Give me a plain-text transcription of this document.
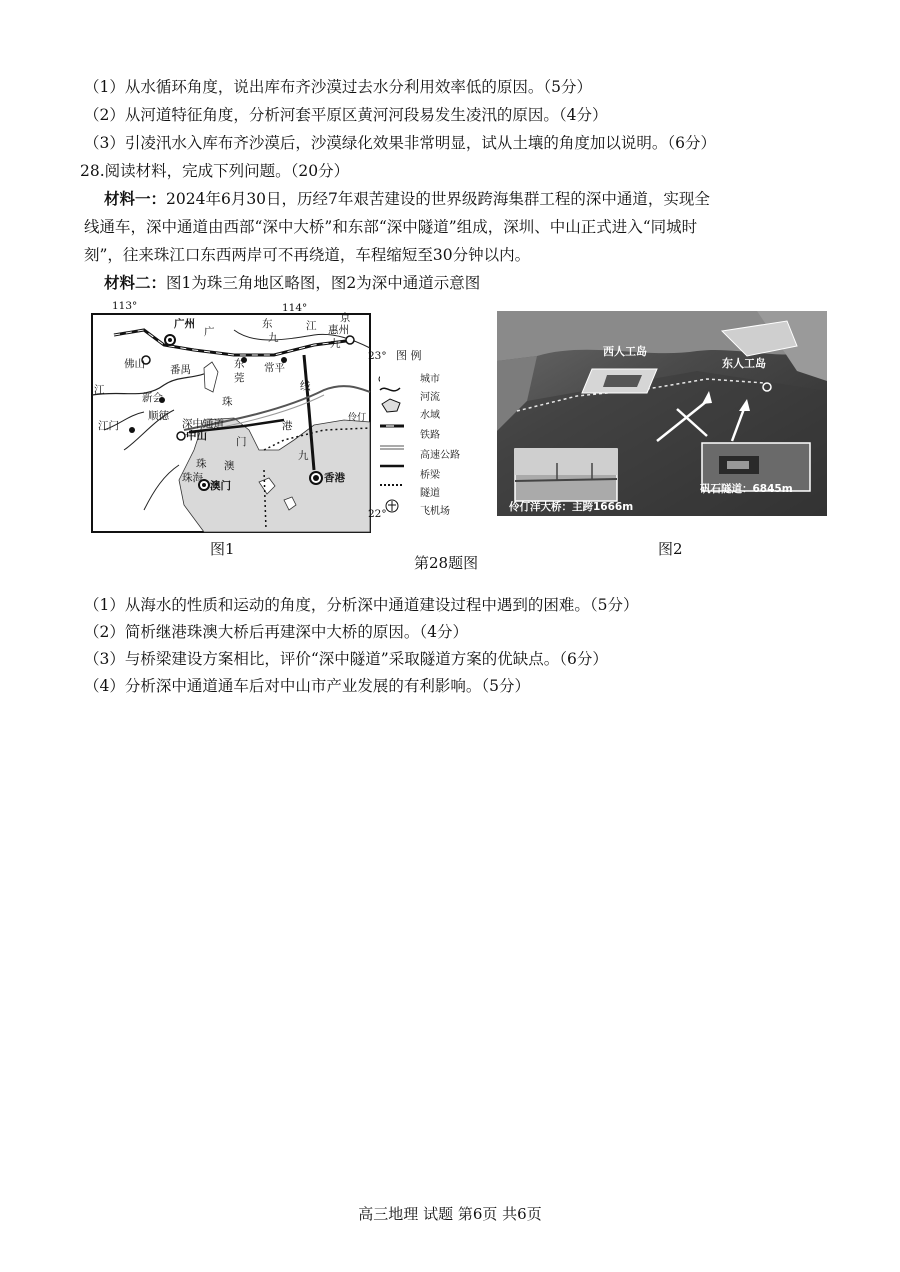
（1）从水循环角度，说出库布齐沙漠过去水分利用效率低的原因。（5分）
（2）从河道特征角度，分析河套平原区黄河河段易发生凌汛的原因。（4分）
（3）引凌汛水入库布齐沙漠后，沙漠绿化效果非常明显，试从土壤的角度加以说明。（6分）
28.阅读材料，完成下列问题。（20分）
材料一：2024年6月30日，历经7年艰苦建设的世界级跨海集群工程的深中通道，实现全
线通车，深中通道由西部“深中大桥”和东部“深中隧道”组成，深圳、中山正式进入“同城时
刻”，往来珠江口东西两岸可不再绕道，车程缩短至30分钟以内。
材料二：图1为珠三角地区略图，图2为深中通道示意图
113°	114°
23°
22°
广州
佛山 番禺	东
莞
常平
江门
中山
深中通道
珠海
澳门
香港
惠州
伶仃
九	九
广
东	江
珠
门
线
江
新会
顺德
京
九
港
珠 澳
图 例
城市
河流
水域
铁路
高速公路
桥梁
隧道
飞机场
图1
西人工岛
东人工岛
伶仃洋大桥：主跨1666m
矾石隧道：6845m
图2
第28题图
（1）从海水的性质和运动的角度，分析深中通道建设过程中遇到的困难。（5分）
（2）简析继港珠澳大桥后再建深中大桥的原因。（4分）
（3）与桥梁建设方案相比，评价“深中隧道”采取隧道方案的优缺点。（6分）
（4）分析深中通道通车后对中山市产业发展的有利影响。（5分）
高三地理 试题 第6页 共6页
